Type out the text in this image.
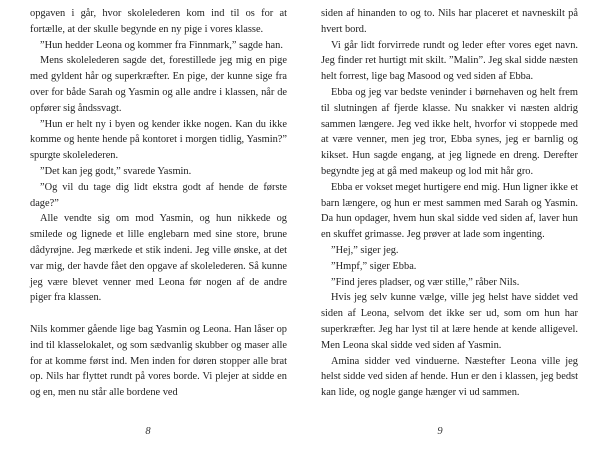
opgaven i går, hvor skolelederen kom ind til os for at fortælle, at der skulle begynde en ny pige i vores klasse.

”Hun hedder Leona og kommer fra Finnmark,” sagde han.

Mens skolelederen sagde det, forestillede jeg mig en pige med gyldent hår og superkræfter. En pige, der kunne sige fra over for både Sarah og Yasmin og alle andre i klassen, når de opfører sig åndssvagt.

”Hun er helt ny i byen og kender ikke nogen. Kan du ikke komme og hente hende på kontoret i morgen tidlig, Yasmin?” spurgte skolelederen.

”Det kan jeg godt,” svarede Yasmin.

”Og vil du tage dig lidt ekstra godt af hende de første dage?”

Alle vendte sig om mod Yasmin, og hun nikkede og smilede og lignede et lille englebarn med sine store, brune dådyrøjne. Jeg mærkede et stik indeni. Jeg ville ønske, at det var mig, der havde fået den opgave af skolelederen. Så kunne jeg være blevet venner med Leona før nogen af de andre piger fra klassen.

Nils kommer gående lige bag Yasmin og Leona. Han låser op ind til klasselokalet, og som sædvanlig skubber og maser alle for at komme først ind. Men inden for døren stopper alle brat op. Nils har flyttet rundt på vores borde. Vi plejer at sidde en og en, men nu står alle bordene ved

siden af hinanden to og to. Nils har placeret et navneskilt på hvert bord.

Vi går lidt forvirrede rundt og leder efter vores eget navn. Jeg finder ret hurtigt mit skilt. ”Malin”. Jeg skal sidde næsten helt forrest, lige bag Masood og ved siden af Ebba.

Ebba og jeg var bedste veninder i børnehaven og helt frem til slutningen af fjerde klasse. Nu snakker vi næsten aldrig sammen længere. Jeg ved ikke helt, hvorfor vi stoppede med at være venner, men jeg tror, Ebba synes, jeg er barnlig og kikset. Hun sagde engang, at jeg lignede en dreng. Derefter begyndte jeg at gå med makeup og lod mit hår gro.

Ebba er vokset meget hurtigere end mig. Hun ligner ikke et barn længere, og hun er mest sammen med Sarah og Yasmin. Da hun opdager, hvem hun skal sidde ved siden af, laver hun en skuffet grimasse. Jeg prøver at lade som ingenting.

”Hej,” siger jeg.

”Hmpf,” siger Ebba.

”Find jeres pladser, og vær stille,” råber Nils.

Hvis jeg selv kunne vælge, ville jeg helst have siddet ved siden af Leona, selvom det ikke ser ud, som om hun har superkræfter. Jeg har lyst til at lære hende at kende alligevel. Men Leona skal sidde ved siden af Yasmin.

Amina sidder ved vinduerne. Næstefter Leona ville jeg helst sidde ved siden af hende. Hun er den i klassen, jeg bedst kan lide, og nogle gange hænger vi ud sammen.

8	9
